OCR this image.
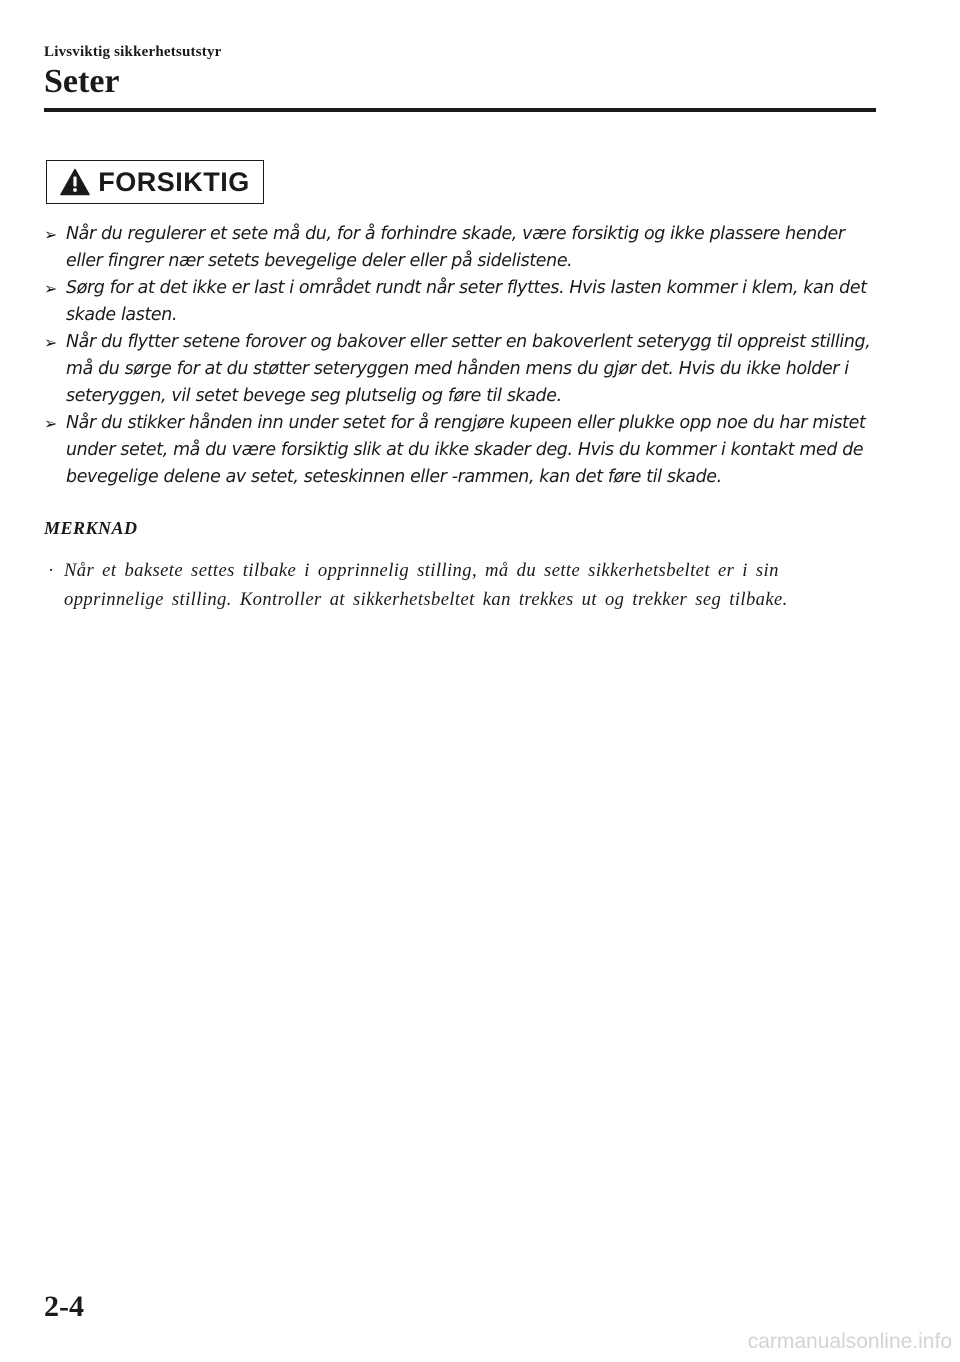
Livsviktig sikkerhetsutstyr
Seter
FORSIKTIG
➢ Når du regulerer et sete må du, for å forhindre skade, være forsiktig og ikke plassere hender eller fingrer nær setets bevegelige deler eller på sidelistene.
➢ Sørg for at det ikke er last i området rundt når seter flyttes. Hvis lasten kommer i klem, kan det skade lasten.
➢ Når du flytter setene forover og bakover eller setter en bakoverlent seterygg til oppreist stilling, må du sørge for at du støtter seteryggen med hånden mens du gjør det. Hvis du ikke holder i seteryggen, vil setet bevege seg plutselig og føre til skade.
➢ Når du stikker hånden inn under setet for å rengjøre kupeen eller plukke opp noe du har mistet under setet, må du være forsiktig slik at du ikke skader deg. Hvis du kommer i kontakt med de bevegelige delene av setet, seteskinnen eller -rammen, kan det føre til skade.
MERKNAD

· Når et baksete settes tilbake i opprinnelig stilling, må du sette sikkerhetsbeltet er i sin opprinnelige stilling. Kontroller at sikkerhetsbeltet kan trekkes ut og trekker seg tilbake.

2-4
carmanualsonline.info
